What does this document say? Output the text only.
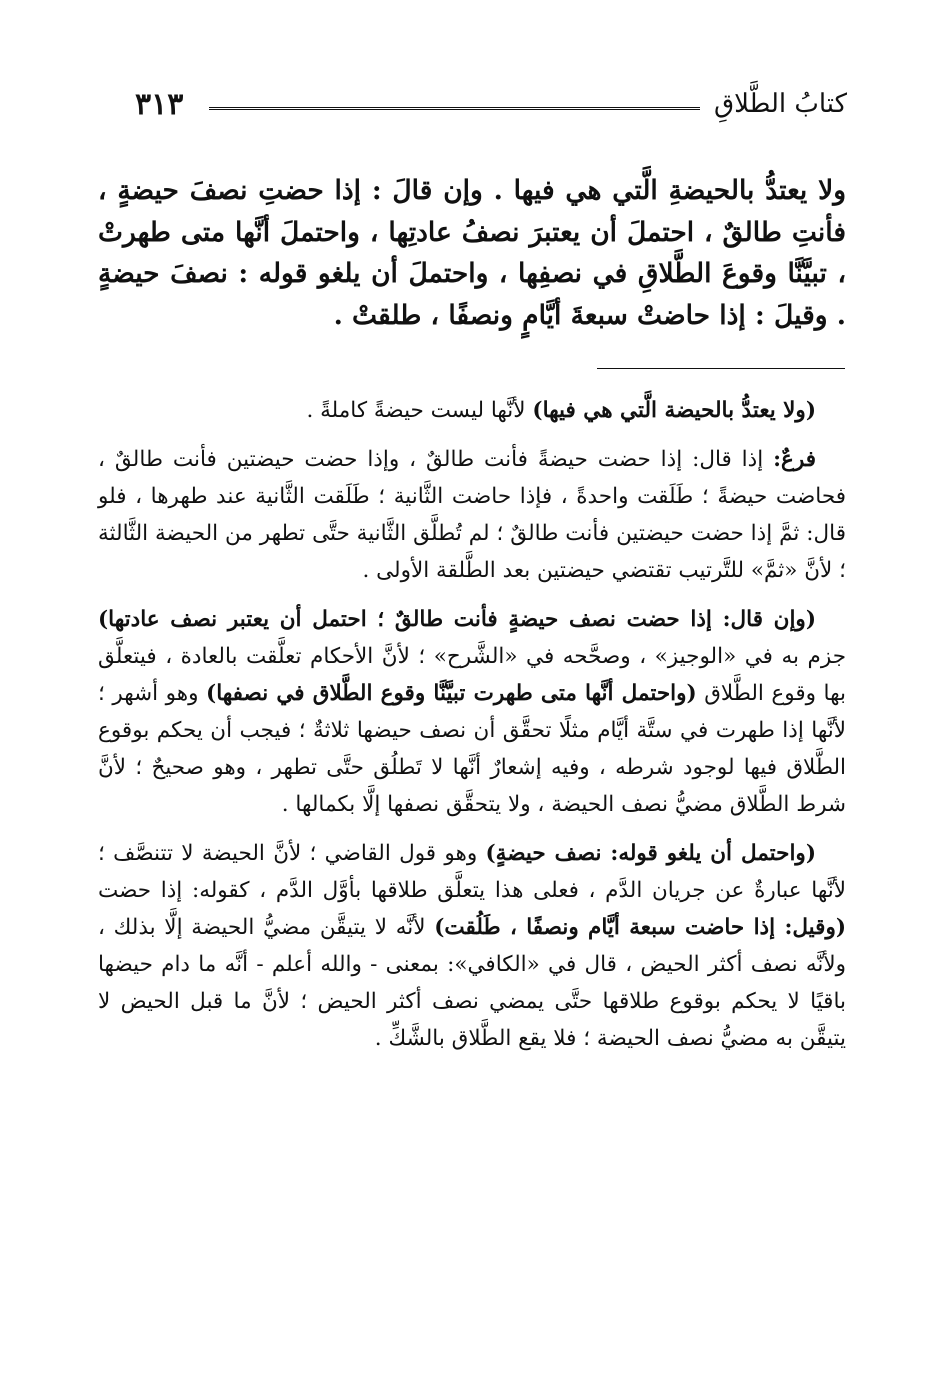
٣١٣	كتابُ الطَّلاقِ
ولا يعتدُّ بالحيضةِ الَّتي هي فيها . وإن قالَ : إذا حضتِ نصفَ حيضةٍ ، فأنتِ طالقٌ ، احتملَ أن يعتبرَ نصفُ عادتِها ، واحتملَ أنَّها متى طهرتْ ، تبيَّنَّا وقوعَ الطَّلاقِ في نصفِها ، واحتملَ أن يلغو قوله : نصفَ حيضةٍ . وقيلَ : إذا حاضتْ سبعةَ أيَّامٍ ونصفًا ، طلقتْ .

(ولا يعتدُّ بالحيضة الَّتي هي فيها) لأنَّها ليست حيضةً كاملةً .

فرعٌ: إذا قال: إذا حضت حيضةً فأنت طالقٌ ، وإذا حضت حيضتين فأنت طالقٌ ، فحاضت حيضةً ؛ طَلَقت واحدةً ، فإذا حاضت الثَّانية ؛ طَلَقت الثَّانية عند طهرها ، فلو قال: ثمَّ إذا حضت حيضتين فأنت طالقٌ ؛ لم تُطلَّق الثَّانية حتَّى تطهر من الحيضة الثَّالثة ؛ لأنَّ «ثمَّ» للتَّرتيب تقتضي حيضتين بعد الطَّلقة الأولى .

(وإن قال: إذا حضت نصف حيضةٍ فأنت طالقٌ ؛ احتمل أن يعتبر نصف عادتها) جزم به في «الوجيز» ، وصحَّحه في «الشَّرح» ؛ لأنَّ الأحكام تعلَّقت بالعادة ، فيتعلَّق بها وقوع الطَّلاق (واحتمل أنَّها متى طهرت تبيَّنَّا وقوع الطَّلاق في نصفها) وهو أشهر ؛ لأنَّها إذا طهرت في ستَّة أيَّام مثلًا تحقَّق أن نصف حيضها ثلاثةٌ ؛ فيجب أن يحكم بوقوع الطَّلاق فيها لوجود شرطه ، وفيه إشعارٌ أنَّها لا تَطلُق حتَّى تطهر ، وهو صحيحٌ ؛ لأنَّ شرط الطَّلاق مضيُّ نصف الحيضة ، ولا يتحقَّق نصفها إلَّا بكمالها .

(واحتمل أن يلغو قوله: نصف حيضةٍ) وهو قول القاضي ؛ لأنَّ الحيضة لا تتنصَّف ؛ لأنَّها عبارةٌ عن جريان الدَّم ، فعلى هذا يتعلَّق طلاقها بأوَّل الدَّم ، كقوله: إذا حضت (وقيل: إذا حاضت سبعة أيَّام ونصفًا ، طَلُقت) لأنَّه لا يتيقَّن مضيُّ الحيضة إلَّا بذلك ، ولأنَّه نصف أكثر الحيض ، قال في «الكافي»: بمعنى - والله أعلم - أنَّه ما دام حيضها باقيًا لا يحكم بوقوع طلاقها حتَّى يمضي نصف أكثر الحيض ؛ لأنَّ ما قبل الحيض لا يتيقَّن به مضيُّ نصف الحيضة ؛ فلا يقع الطَّلاق بالشَّكِّ .
